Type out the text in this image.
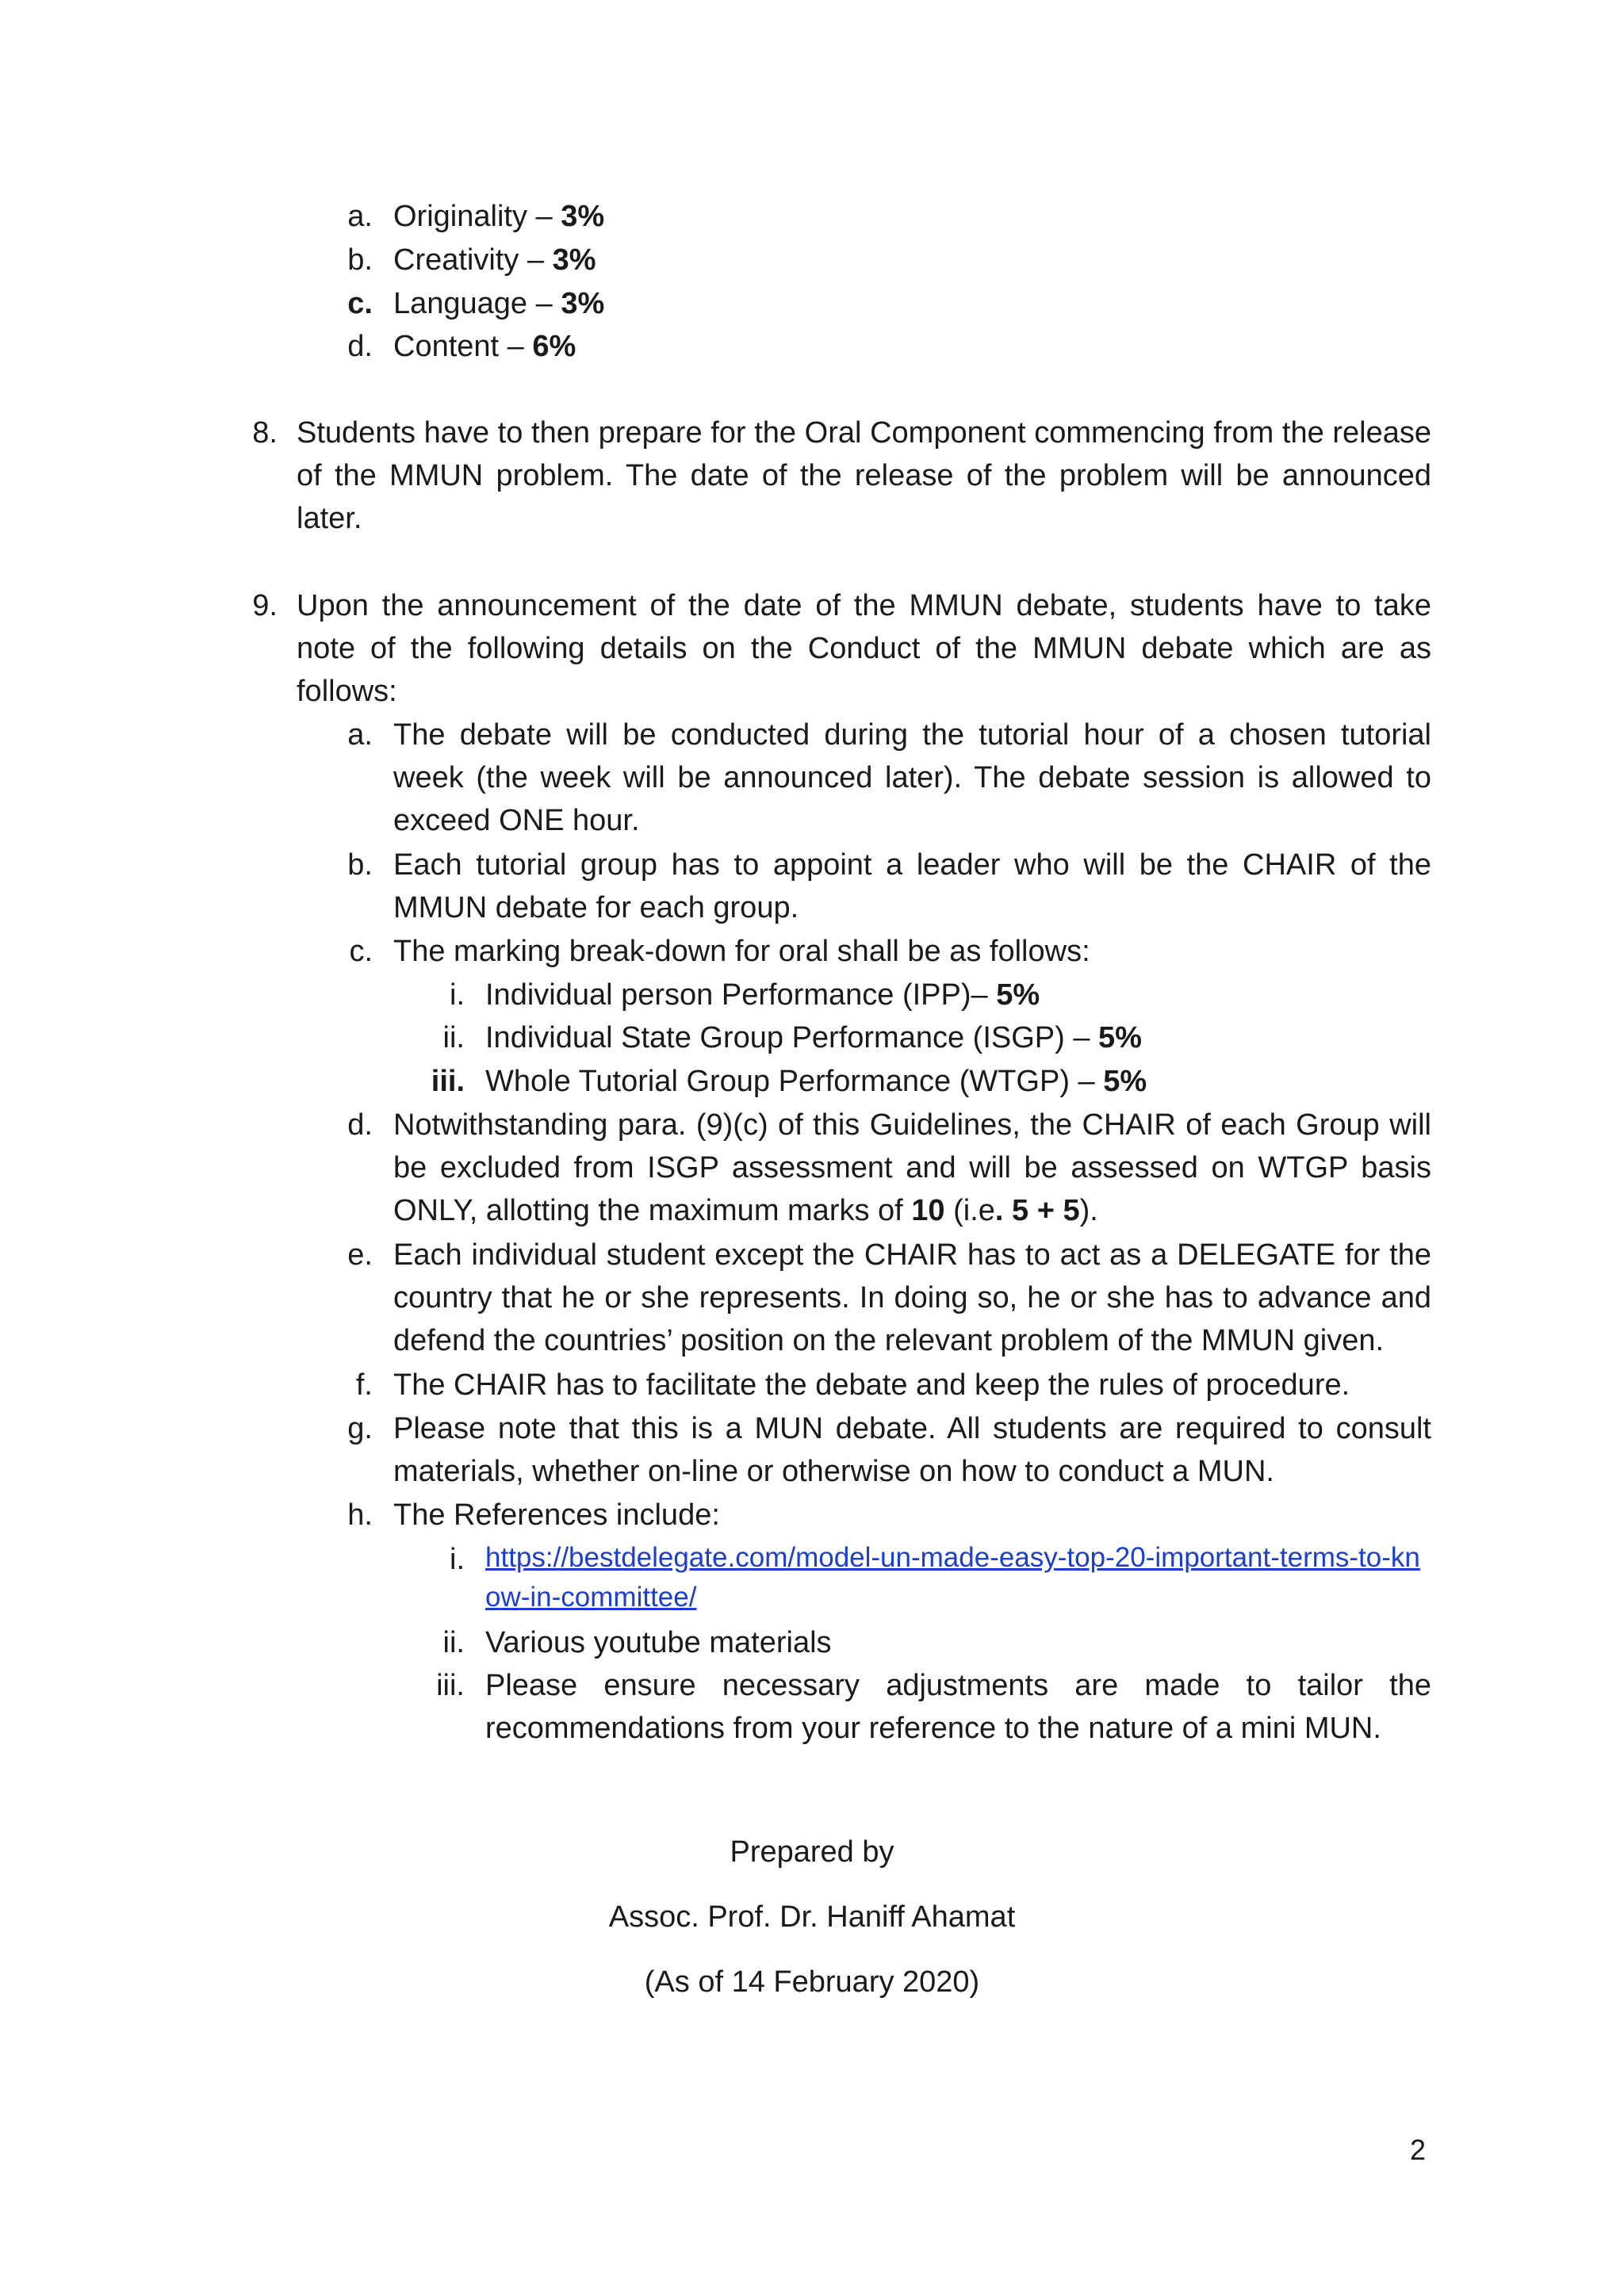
a. Originality – 3%
b. Creativity – 3%
c. Language – 3%
d. Content – 6%
8. Students have to then prepare for the Oral Component commencing from the release of the MMUN problem. The date of the release of the problem will be announced later.
9. Upon the announcement of the date of the MMUN debate, students have to take note of the following details on the Conduct of the MMUN debate which are as follows:
a. The debate will be conducted during the tutorial hour of a chosen tutorial week (the week will be announced later). The debate session is allowed to exceed ONE hour.
b. Each tutorial group has to appoint a leader who will be the CHAIR of the MMUN debate for each group.
c. The marking break-down for oral shall be as follows:
i. Individual person Performance (IPP)– 5%
ii. Individual State Group Performance (ISGP) – 5%
iii. Whole Tutorial Group Performance (WTGP) – 5%
d. Notwithstanding para. (9)(c) of this Guidelines, the CHAIR of each Group will be excluded from ISGP assessment and will be assessed on WTGP basis ONLY, allotting the maximum marks of 10 (i.e. 5 + 5).
e. Each individual student except the CHAIR has to act as a DELEGATE for the country that he or she represents. In doing so, he or she has to advance and defend the countries’ position on the relevant problem of the MMUN given.
f. The CHAIR has to facilitate the debate and keep the rules of procedure.
g. Please note that this is a MUN debate. All students are required to consult materials, whether on-line or otherwise on how to conduct a MUN.
h. The References include:
i. https://bestdelegate.com/model-un-made-easy-top-20-important-terms-to-know-in-committee/
ii. Various youtube materials
iii. Please ensure necessary adjustments are made to tailor the recommendations from your reference to the nature of a mini MUN.
Prepared by
Assoc. Prof. Dr. Haniff Ahamat
(As of 14 February 2020)
2
